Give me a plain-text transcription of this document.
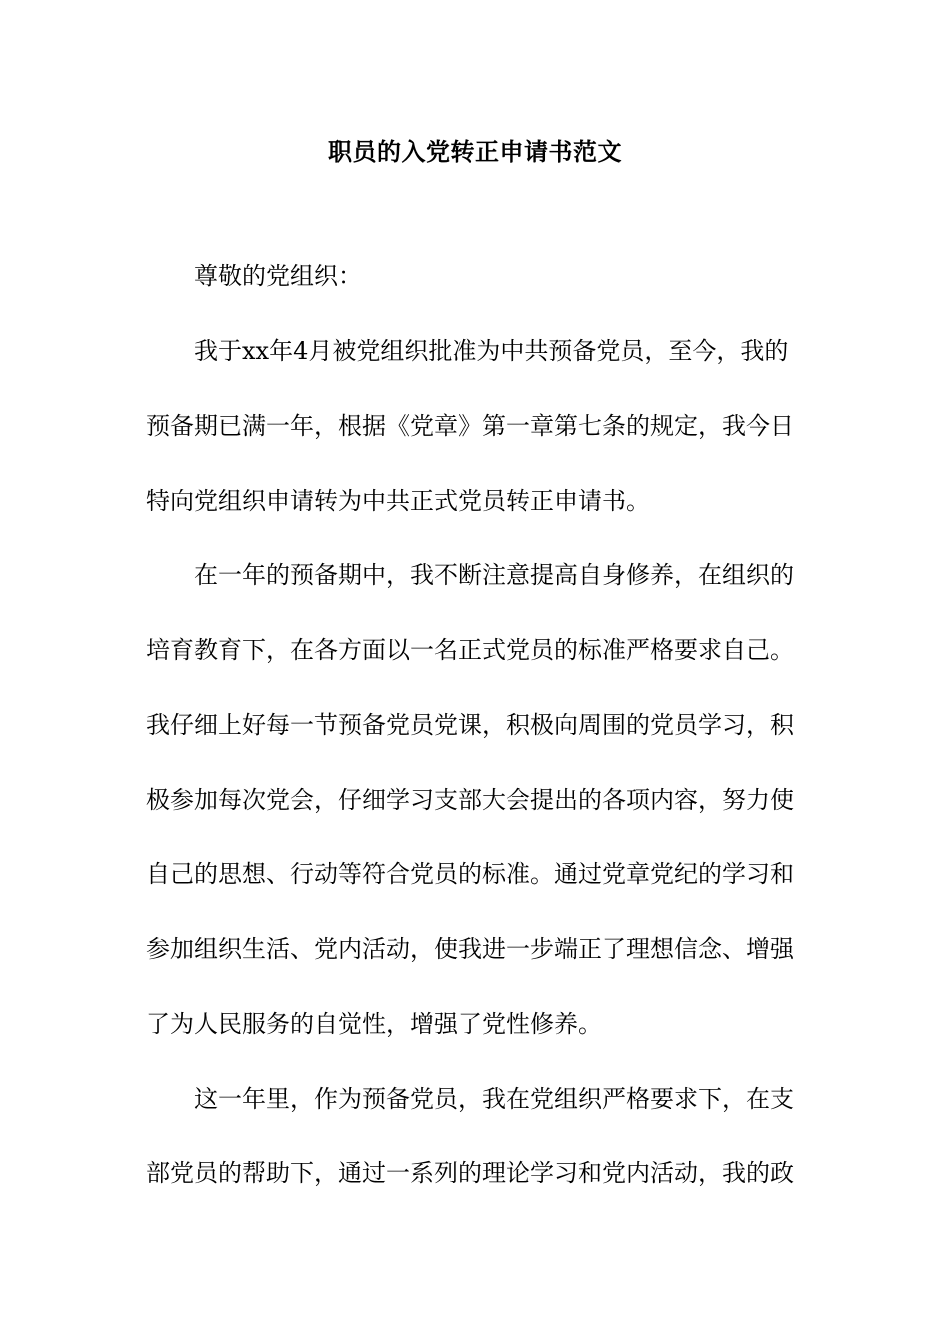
职员的入党转正申请书范文
尊敬的党组织：
我于xx年4月被党组织批准为中共预备党员，至今，我的
预备期已满一年，根据《党章》第一章第七条的规定，我今日
特向党组织申请转为中共正式党员转正申请书。
在一年的预备期中，我不断注意提高自身修养，在组织的
培育教育下，在各方面以一名正式党员的标准严格要求自己。
我仔细上好每一节预备党员党课，积极向周围的党员学习，积
极参加每次党会，仔细学习支部大会提出的各项内容，努力使
自己的思想、行动等符合党员的标准。通过党章党纪的学习和
参加组织生活、党内活动，使我进一步端正了理想信念、增强
了为人民服务的自觉性，增强了党性修养。
这一年里，作为预备党员，我在党组织严格要求下，在支
部党员的帮助下，通过一系列的理论学习和党内活动，我的政
